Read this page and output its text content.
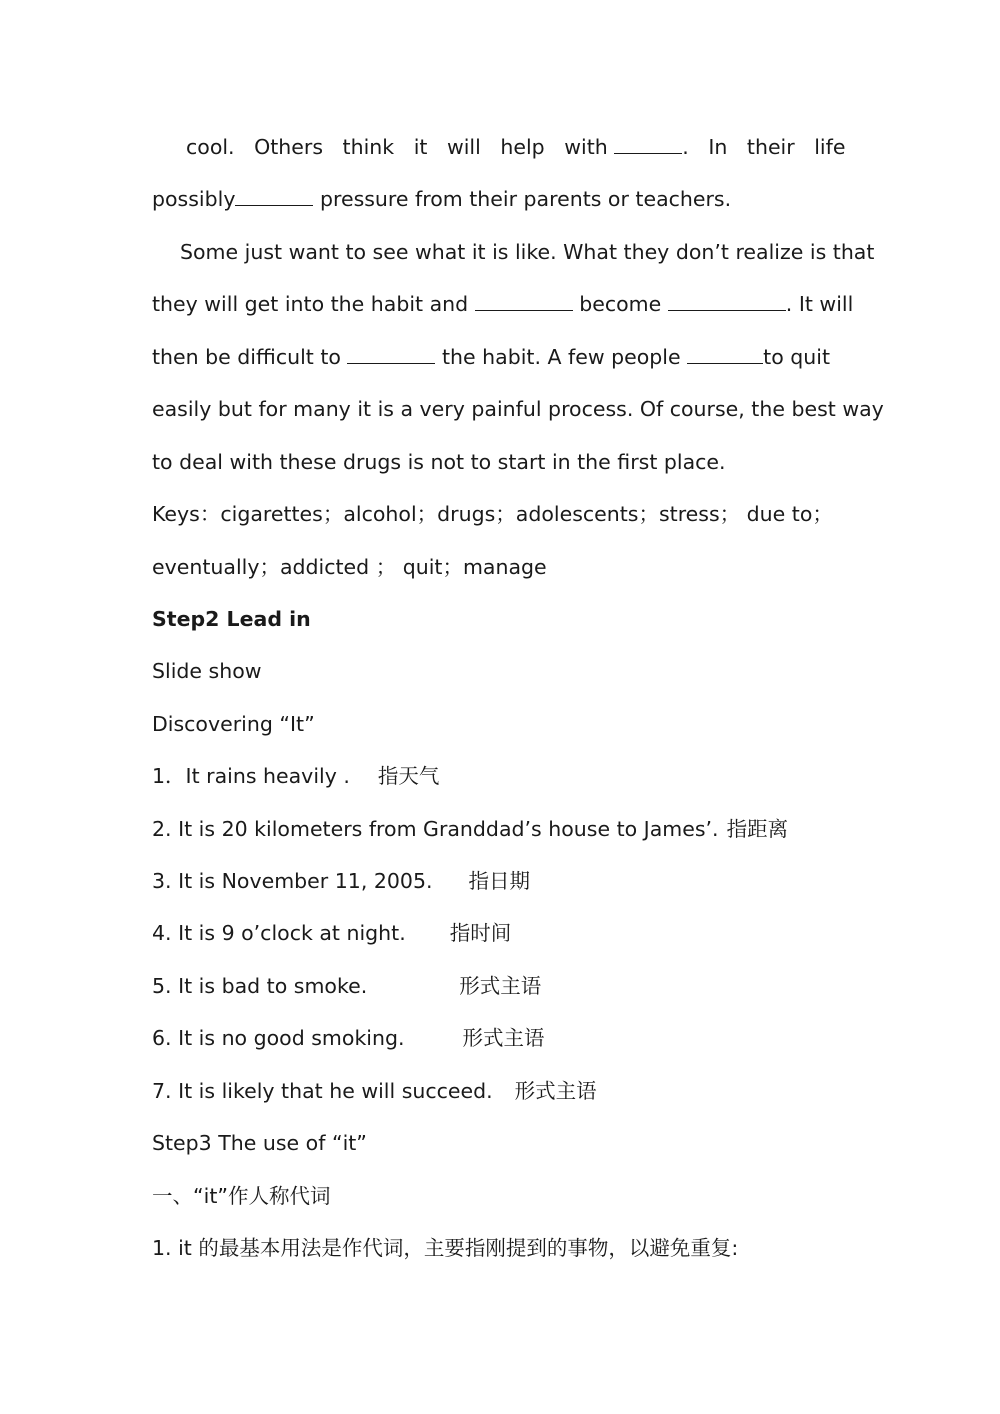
cool.   Others   think   it   will   help   with	.   In   their   life
possibly	pressure from their parents or teachers.
Some just want to see what it is like. What they don’t realize is that
they will get into the habit and	become	. It will
then be difficult to	the habit. A few people	to quit
easily but for many it is a very painful process. Of course, the best way
to deal with these drugs is not to start in the first place.
Keys：cigarettes；alcohol；drugs；adolescents；stress； due to；
eventually；addicted ； quit；manage
Step2 Lead in
Slide show
Discovering “It”
1．It rains heavily . 指天气
2. It is 20 kilometers from Granddad’s house to James’. 指距离
3. It is November 11, 2005. 指日期
4. It is 9 o’clock at night. 指时间
5. It is bad to smoke.	形式主语
6. It is no good smoking.	形式主语
7. It is likely that he will succeed. 形式主语
Step3 The use of “it”
一、“it”作人称代词
1. it 的最基本用法是作代词，主要指刚提到的事物，以避免重复:
